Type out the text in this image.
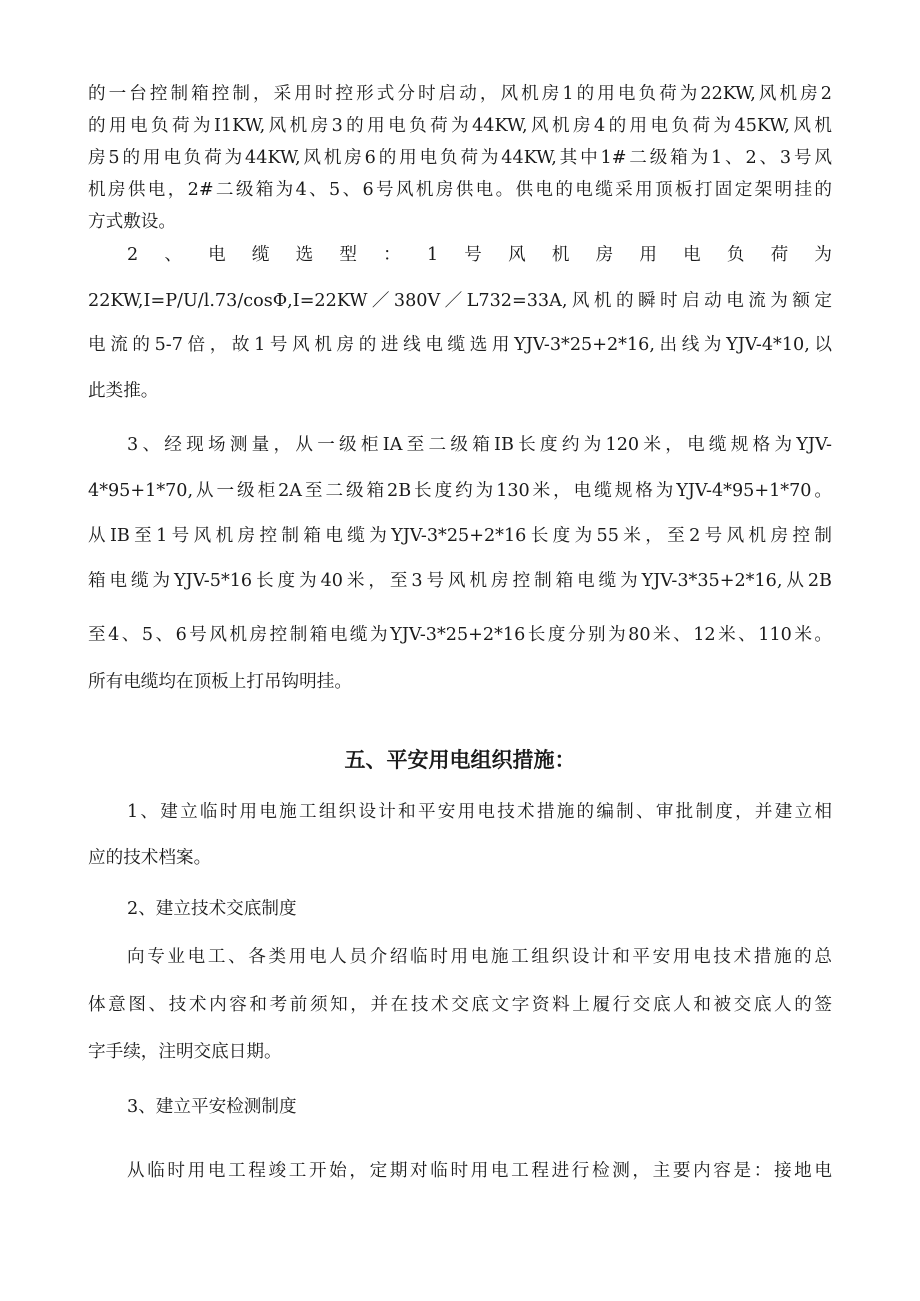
的一台控制箱控制，采用时控形式分时启动，风机房1的用电负荷为22KW,风机房2

的用电负荷为I1KW,风机房3的用电负荷为44KW,风机房4的用电负荷为45KW,风机

房5的用电负荷为44KW,风机房6的用电负荷为44KW,其中1#二级箱为1、2、3号风

机房供电，2#二级箱为4、5、6号风机房供电。供电的电缆采用顶板打固定架明挂的

方式敷设。

2、电缆选型：1号风机房用电负荷为

22KW,I=P/U/l.73/cosΦ,I=22KW／380V／L732=33A,风机的瞬时启动电流为额定

电流的5-7倍，故1号风机房的进线电缆选用YJV-3*25+2*16,出线为YJV-4*10,以

此类推。

3、经现场测量，从一级柜IA至二级箱IB长度约为120米，电缆规格为YJV-

4*95+1*70,从一级柜2A至二级箱2B长度约为130米，电缆规格为YJV-4*95+1*70。

从IB至1号风机房控制箱电缆为YJV-3*25+2*16长度为55米，至2号风机房控制

箱电缆为YJV-5*16长度为40米，至3号风机房控制箱电缆为YJV-3*35+2*16,从2B

至4、5、6号风机房控制箱电缆为YJV-3*25+2*16长度分别为80米、12米、110米。

所有电缆均在顶板上打吊钩明挂。

五、平安用电组织措施：

1、建立临时用电施工组织设计和平安用电技术措施的编制、审批制度，并建立相

应的技术档案。

2、建立技术交底制度

向专业电工、各类用电人员介绍临时用电施工组织设计和平安用电技术措施的总

体意图、技术内容和考前须知，并在技术交底文字资料上履行交底人和被交底人的签

字手续，注明交底日期。

3、建立平安检测制度

从临时用电工程竣工开始，定期对临时用电工程进行检测，主要内容是：接地电
